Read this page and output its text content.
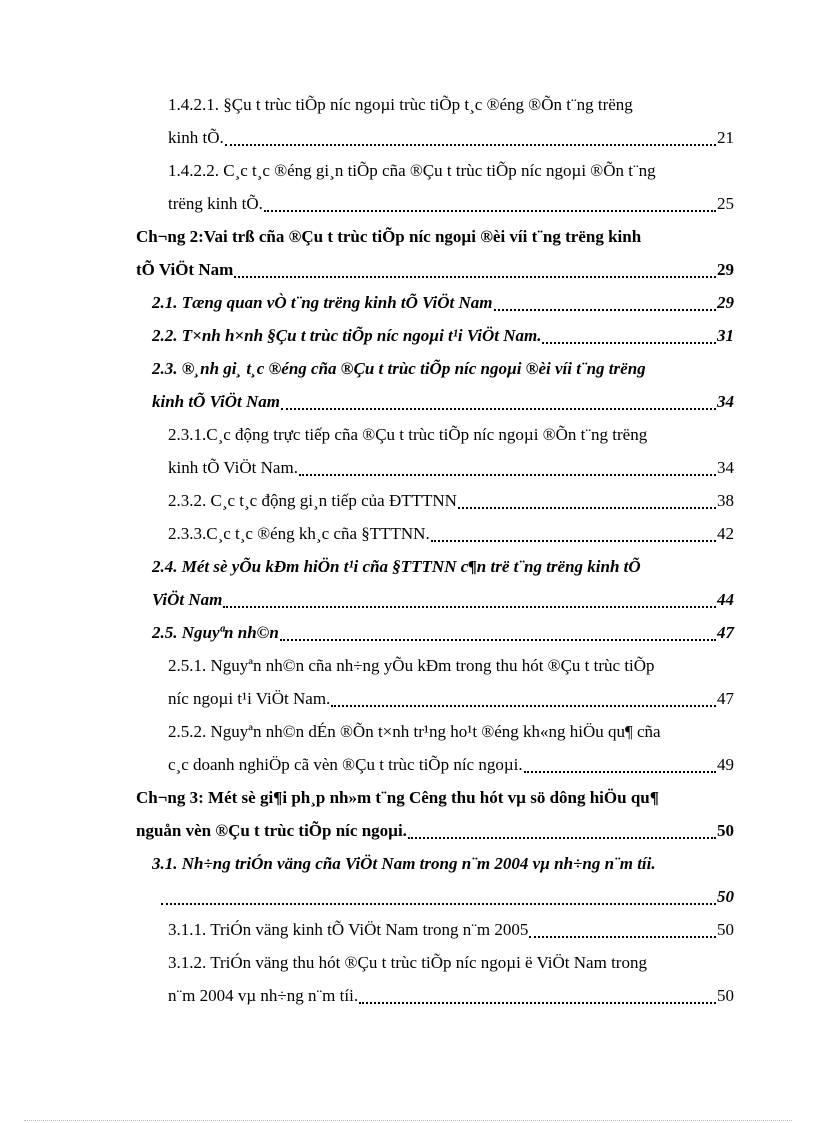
1.4.2.1. §Çu t trùc tiÕp níc ngoµi trùc tiÕp t¸c ®éng ®Õn t¨ng trëng
kinh tÕ.	21
1.4.2.2. C¸c t¸c ®éng gi¸n tiÕp cña ®Çu t trùc tiÕp níc ngoµi ®Õn t¨ng
trëng kinh tÕ.	25
Ch¬ng 2:Vai trß cña ®Çu t trùc tiÕp níc ngoµi ®èi víi t¨ng trëng kinh
tÕ ViÖt Nam	29
2.1. Tæng quan vÒ t¨ng trëng kinh tÕ ViÖt Nam	29
2.2. T×nh h×nh §Çu t trùc tiÕp níc ngoµi t¹i ViÖt Nam.	31
2.3. ®¸nh gi¸ t¸c ®éng cña ®Çu t trùc tiÕp níc ngoµi ®èi víi t¨ng trëng
kinh tÕ ViÖt Nam	34
2.3.1.C¸c động trực tiếp cña ®Çu t trùc tiÕp níc ngoµi ®Õn t¨ng trëng
kinh tÕ ViÖt Nam.	34
2.3.2. C¸c t¸c động gi¸n tiếp của ĐTTTNN	38
2.3.3.C¸c t¸c ®éng kh¸c cña §TTTNN.	42
2.4. Mét sè yÕu kÐm hiÖn t¹i cña §TTTNN c¶n trë t¨ng trëng kinh tÕ
ViÖt Nam	44
2.5. Nguyªn nh©n	47
2.5.1. Nguyªn nh©n cña nh÷ng yÕu kÐm trong thu hót ®Çu t trùc tiÕp
níc ngoµi t¹i ViÖt Nam.	47
2.5.2. Nguyªn nh©n dÉn ®Õn t×nh tr¹ng ho¹t ®éng kh«ng hiÖu qu¶ cña
c¸c doanh nghiÖp cã vèn ®Çu t trùc tiÕp níc ngoµi.	49
Ch¬ng 3: Mét sè gi¶i ph¸p nh»m t¨ng Cêng thu hót vµ sö dông hiÖu qu¶
nguån vèn ®Çu t trùc tiÕp níc ngoµi.	50
3.1. Nh÷ng triÓn väng cña ViÖt Nam trong n¨m 2004 vµ nh÷ng n¨m tíi.
50
3.1.1. TriÓn väng kinh tÕ ViÖt Nam trong n¨m 2005	50
3.1.2. TriÓn väng thu hót ®Çu t trùc tiÕp níc ngoµi ë ViÖt Nam trong
n¨m 2004 vµ nh÷ng n¨m tíi.	50
